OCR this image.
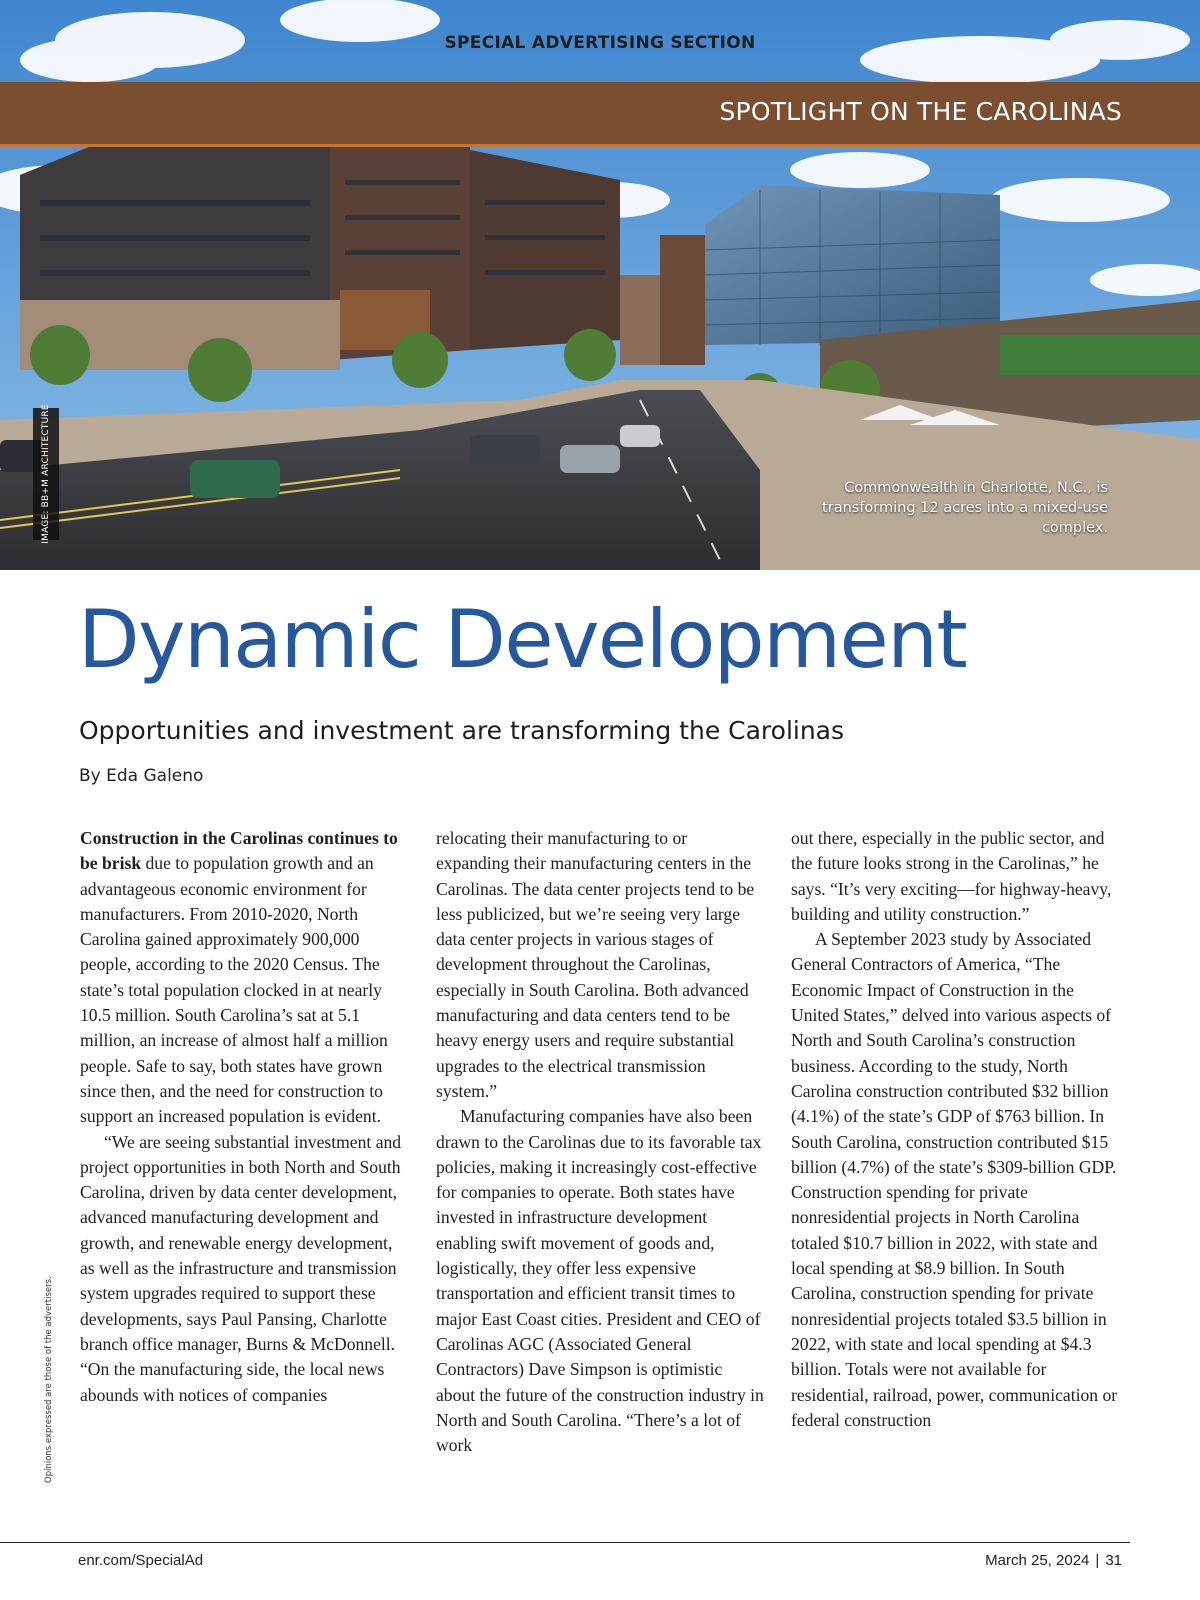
SPECIAL ADVERTISING SECTION
SPOTLIGHT ON THE CAROLINAS
IMAGE: BB+M ARCHITECTURE	Commonwealth in Charlotte, N.C., is transforming 12 acres into a mixed-use complex.
Dynamic Development
Opportunities and investment are transforming the Carolinas
By Eda Galeno

Construction in the Carolinas continues to be brisk due to population growth and an advantageous economic environment for manufacturers. From 2010-2020, North Carolina gained approximately 900,000 people, according to the 2020 Census. The state’s total population clocked in at nearly 10.5 million. South Carolina’s sat at 5.1 million, an increase of almost half a million people. Safe to say, both states have grown since then, and the need for construction to support an increased population is evident.

“We are seeing substantial investment and project opportunities in both North and South Carolina, driven by data center development, advanced manufacturing development and growth, and renewable energy development, as well as the infrastructure and transmission system upgrades required to support these developments, says Paul Pansing, Charlotte branch office manager, Burns & McDonnell. “On the manufacturing side, the local news abounds with notices of companies

relocating their manufacturing to or expanding their manufacturing centers in the Carolinas. The data center projects tend to be less publicized, but we’re seeing very large data center projects in various stages of development throughout the Carolinas, especially in South Carolina. Both advanced manufacturing and data centers tend to be heavy energy users and require substantial upgrades to the electrical transmission system.”

Manufacturing companies have also been drawn to the Carolinas due to its favorable tax policies, making it increasingly cost-effective for companies to operate. Both states have invested in infrastructure development enabling swift movement of goods and, logistically, they offer less expensive transportation and efficient transit times to major East Coast cities. President and CEO of Carolinas AGC (Associated General Contractors) Dave Simpson is optimistic about the future of the construction industry in North and South Carolina. “There’s a lot of work

out there, especially in the public sector, and the future looks strong in the Carolinas,” he says. “It’s very exciting—for highway-heavy, building and utility construction.”

A September 2023 study by Associated General Contractors of America, “The Economic Impact of Construction in the United States,” delved into various aspects of North and South Carolina’s construction business. According to the study, North Carolina construction contributed $32 billion (4.1%) of the state’s GDP of $763 billion. In South Carolina, construction contributed $15 billion (4.7%) of the state’s $309-billion GDP. Construction spending for private nonresidential projects in North Carolina totaled $10.7 billion in 2022, with state and local spending at $8.9 billion. In South Carolina, construction spending for private nonresidential projects totaled $3.5 billion in 2022, with state and local spending at $4.3 billion. Totals were not available for residential, railroad, power, communication or federal construction

Opinions expressed are those of the advertisers.
enr.com/SpecialAd	March 25, 2024 | 31
